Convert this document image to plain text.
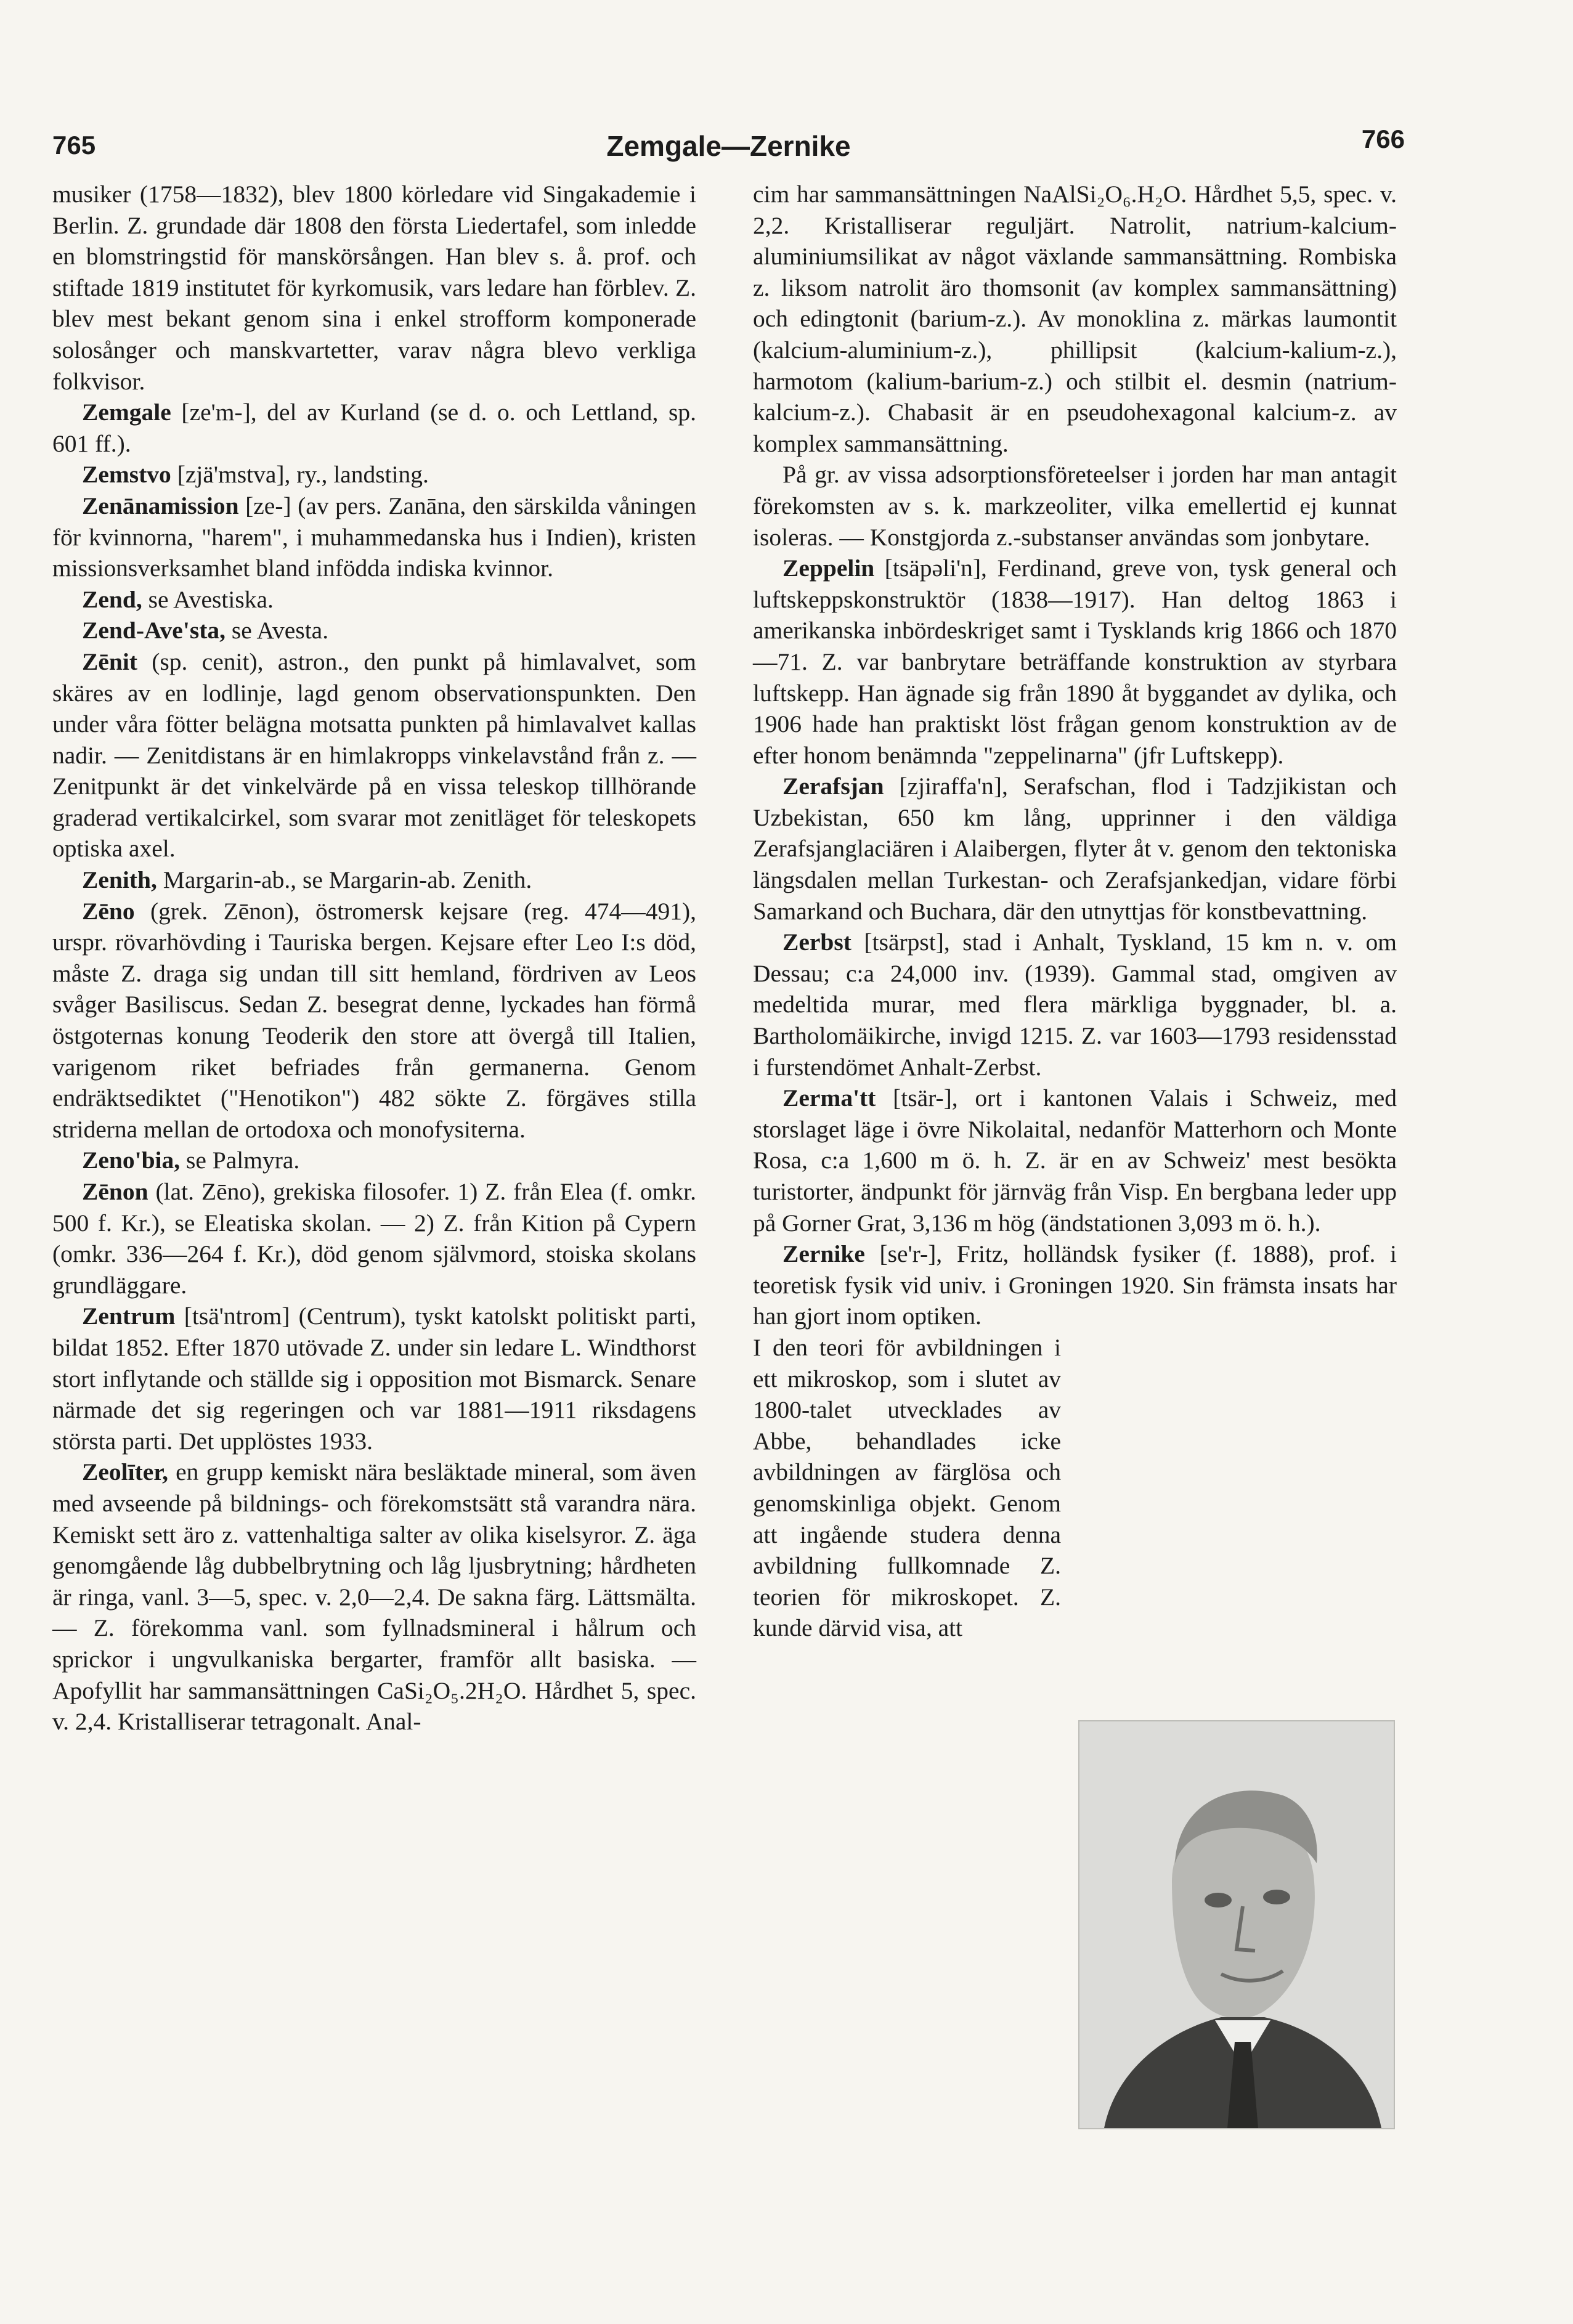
765	Zemgale—Zernike	766

musiker (1758—1832), blev 1800 körledare vid Singakademie i Berlin. Z. grundade där 1808 den första Liedertafel, som inledde en blomstringstid för manskörsången. Han blev s. å. prof. och stiftade 1819 institutet för kyrkomusik, vars ledare han förblev. Z. blev mest bekant genom sina i enkel strofform komponerade solosånger och manskvartetter, varav några blevo verkliga folkvisor.

Zemgale [ze'm-], del av Kurland (se d. o. och Lettland, sp. 601 ff.).

Zemstvo [zjä'mstva], ry., landsting.

Zenānamission [ze-] (av pers. Zanāna, den särskilda våningen för kvinnorna, "harem", i muhammedanska hus i Indien), kristen missionsverksamhet bland infödda indiska kvinnor.

Zend, se Avestiska.

Zend-Ave'sta, se Avesta.

Zēnit (sp. cenit), astron., den punkt på himlavalvet, som skäres av en lodlinje, lagd genom observationspunkten. Den under våra fötter belägna motsatta punkten på himlavalvet kallas nadir. — Zenitdistans är en himlakropps vinkelavstånd från z. — Zenitpunkt är det vinkelvärde på en vissa teleskop tillhörande graderad vertikalcirkel, som svarar mot zenitläget för teleskopets optiska axel.

Zenith, Margarin-ab., se Margarin-ab. Zenith.

Zēno (grek. Zēnon), östromersk kejsare (reg. 474—491), urspr. rövarhövding i Tauriska bergen. Kejsare efter Leo I:s död, måste Z. draga sig undan till sitt hemland, fördriven av Leos svåger Basiliscus. Sedan Z. besegrat denne, lyckades han förmå östgoternas konung Teoderik den store att övergå till Italien, varigenom riket befriades från germanerna. Genom endräktsediktet ("Henotikon") 482 sökte Z. förgäves stilla striderna mellan de ortodoxa och monofysiterna.

Zeno'bia, se Palmyra.

Zēnon (lat. Zēno), grekiska filosofer. 1) Z. från Elea (f. omkr. 500 f. Kr.), se Eleatiska skolan. — 2) Z. från Kition på Cypern (omkr. 336—264 f. Kr.), död genom självmord, stoiska skolans grundläggare.

Zentrum [tsä'ntrom] (Centrum), tyskt katolskt politiskt parti, bildat 1852. Efter 1870 utövade Z. under sin ledare L. Windthorst stort inflytande och ställde sig i opposition mot Bismarck. Senare närmade det sig regeringen och var 1881—1911 riksdagens största parti. Det upplöstes 1933.

Zeolīter, en grupp kemiskt nära besläktade mineral, som även med avseende på bildnings- och förekomstsätt stå varandra nära. Kemiskt sett äro z. vattenhaltiga salter av olika kiselsyror. Z. äga genomgående låg dubbelbrytning och låg ljusbrytning; hårdheten är ringa, vanl. 3—5, spec. v. 2,0—2,4. De sakna färg. Lättsmälta. — Z. förekomma vanl. som fyllnadsmineral i hålrum och sprickor i ungvulkaniska bergarter, framför allt basiska. — Apofyllit har sammansättningen CaSi₂O₅.2H₂O. Hårdhet 5, spec. v. 2,4. Kristalliserar tetragonalt. Anal-

cim har sammansättningen NaAlSi₂O₆.H₂O. Hårdhet 5,5, spec. v. 2,2. Kristalliserar reguljärt. Natrolit, natrium-kalcium-aluminiumsilikat av något växlande sammansättning. Rombiska z. liksom natrolit äro thomsonit (av komplex sammansättning) och edingtonit (barium-z.). Av monoklina z. märkas laumontit (kalcium-aluminium-z.), phillipsit (kalcium-kalium-z.), harmotom (kalium-barium-z.) och stilbit el. desmin (natrium-kalcium-z.). Chabasit är en pseudohexagonal kalcium-z. av komplex sammansättning.

På gr. av vissa adsorptionsföreteelser i jorden har man antagit förekomsten av s. k. markzeoliter, vilka emellertid ej kunnat isoleras. — Konstgjorda z.-substanser användas som jonbytare.

Zeppelin [tsäpəli'n], Ferdinand, greve von, tysk general och luftskeppskonstruktör (1838—1917). Han deltog 1863 i amerikanska inbördeskriget samt i Tysklands krig 1866 och 1870—71. Z. var banbrytare beträffande konstruktion av styrbara luftskepp. Han ägnade sig från 1890 åt byggandet av dylika, och 1906 hade han praktiskt löst frågan genom konstruktion av de efter honom benämnda "zeppelinarna" (jfr Luftskepp).

Zerafsjan [zjiraffa'n], Serafschan, flod i Tadzjikistan och Uzbekistan, 650 km lång, upprinner i den väldiga Zerafsjanglaciären i Alaibergen, flyter åt v. genom den tektoniska längsdalen mellan Turkestan- och Zerafsjankedjan, vidare förbi Samarkand och Buchara, där den utnyttjas för konstbevattning.

Zerbst [tsärpst], stad i Anhalt, Tyskland, 15 km n. v. om Dessau; c:a 24,000 inv. (1939). Gammal stad, omgiven av medeltida murar, med flera märkliga byggnader, bl. a. Bartholomäikirche, invigd 1215. Z. var 1603—1793 residensstad i furstendömet Anhalt-Zerbst.

Zerma'tt [tsär-], ort i kantonen Valais i Schweiz, med storslaget läge i övre Nikolaital, nedanför Matterhorn och Monte Rosa, c:a 1,600 m ö. h. Z. är en av Schweiz' mest besökta turistorter, ändpunkt för järnväg från Visp. En bergbana leder upp på Gorner Grat, 3,136 m hög (ändstationen 3,093 m ö. h.).

Zernike [se'r-], Fritz, holländsk fysiker (f. 1888), prof. i teoretisk fysik vid univ. i Groningen 1920. Sin främsta insats har han gjort inom optiken.

I den teori för avbildningen i ett mikroskop, som i slutet av 1800-talet utvecklades av Abbe, behandlades icke avbildningen av färglösa och genomskinliga objekt. Genom att ingående studera denna avbildning fullkomnade Z. teorien för mikroskopet. Z. kunde därvid visa, att
